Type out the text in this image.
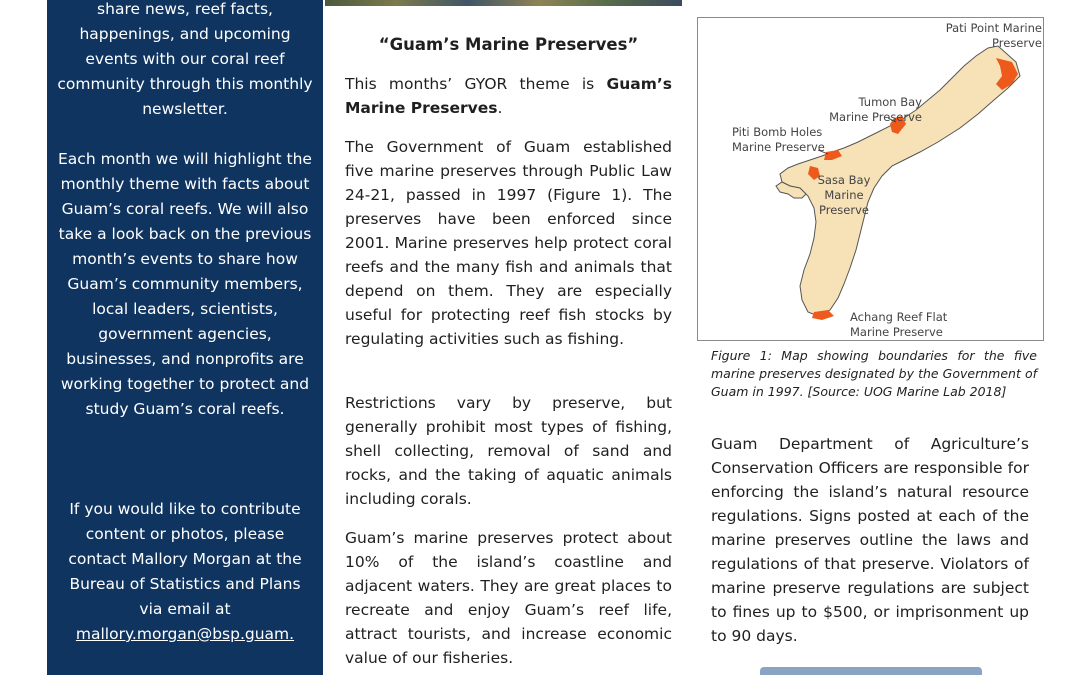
share news, reef facts, happenings, and upcoming events with our coral reef community through this monthly newsletter.

Each month we will highlight the monthly theme with facts about Guam’s coral reefs. We will also take a look back on the previous month’s events to share how Guam’s community members, local leaders, scientists, government agencies, businesses, and nonprofits are working together to protect and study Guam’s coral reefs.

If you would like to contribute content or photos, please contact Mallory Morgan at the Bureau of Statistics and Plans via email at
mallory.morgan@bsp.guam.

“Guam’s Marine Preserves”

This months’ GYOR theme is Guam’s Marine Preserves.

The Government of Guam established five marine preserves through Public Law 24-21, passed in 1997 (Figure 1). The preserves have been enforced since 2001. Marine preserves help protect coral reefs and the many fish and animals that depend on them. They are especially useful for protecting reef fish stocks by regulating activities such as fishing.

Restrictions vary by preserve, but generally prohibit most types of fishing, shell collecting, removal of sand and rocks, and the taking of aquatic animals including corals.

Guam’s marine preserves protect about 10% of the island’s coastline and adjacent waters. They are great places to recreate and enjoy Guam’s reef life, attract tourists, and increase economic value of our fisheries.

Pati Point Marine
Preserve
Tumon Bay
Marine Preserve
Piti Bomb Holes
Marine Preserve
Sasa Bay
Marine
Preserve
Achang Reef Flat
Marine Preserve
Figure 1: Map showing boundaries for the five marine preserves designated by the Government of Guam in 1997. [Source: UOG Marine Lab 2018]

Guam Department of Agriculture’s Conservation Officers are responsible for enforcing the island’s natural resource regulations. Signs posted at each of the marine preserves outline the laws and regulations of that preserve. Violators of marine preserve regulations are subject to fines up to $500, or imprisonment up to 90 days.
